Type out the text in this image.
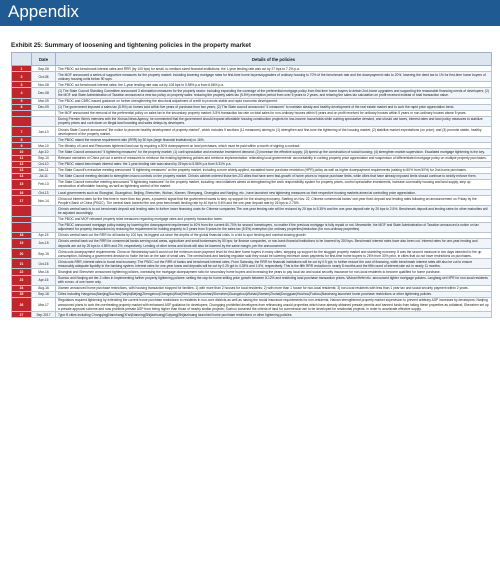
Appendix
Exhibit 25: Summary of loosening and tightening policies in the property market
	Date	Details of the policies
1	Sep-08	The PBOC cut benchmark interest rates and RRR (by 100 bps) for small- to medium-sized financial institutions: the 1-year lending rate was cut by 27 bps to 7.2% p.a.
2	Oct-08	The MOF announced a series of supportive measures for the property market: including lowering mortgage rates for first-time home buyers/upgraders of ordinary housing to 70% of the benchmark rate and the downpayment ratio to 20%; lowering the deed tax to 1% for first-time home buyers of ordinary housing units below 90 sqm.
3	Nov-08	The PBOC cut benchmark interest rates: the 1-year lending rate was cut by 108 bps to 5.58% p.a from 6.66% p.a.
4	Dec-08	(1) The State Council Standing Committee announced 3 stimulation measures for the property sector: including expanding the coverage of the preferential mortgage policy from first-time home buyers to detain 2nd-home upgraders and supporting the reasonable financing needs of developers; (2) the MOF and State Administration of Taxation announced a new tax policy on property sales: reducing the property sales tax (5.5%) exemption period from over 5 years to 2 years, and relaxing the sales tax calculation on profit received instead of total transaction value.
5	Mar-09	The PBOC and CBRC issued guidance on further strengthening the structural adjustment of credit to promote stable and rapid economic development.
6	Dec-09	(1) The government imposed a sales tax (5.5%) on homes sold within five years of purchase from two years; (2) The State council announced "4 measures" to maintain steady and healthy development of the real estate market and to curb the rapid price appreciation trend.
		The MOF announced the removal of the preferential policy on sales tax in the secondary property market: 5.5% transaction tax rate on total sales for non-ordinary houses within 5 years and on profit received for ordinary houses within 5 years or non-ordinary houses above 5 years.
		During Premier Wen's interview with the Xinhua News Agency, he commented that the government should expand affordable housing construction projects for low-income households while curbing speculative demand, and should use taxes, interest rates and land policy measures to stabilize property prices and curb down on illegal land hoarding and sales delays by developers.
7	Jan-10	China's State Council announced "the notice to promote healthy development of property market", which includes 5 sections (11 measures) aiming to (1) strengthen and fine-tune the tightening of the housing market; (2) stabilize market expectations (on price); and (3) promote stable, healthy development of the property market.
8		The PBOC raised the reserve requirement ratio (RRR) by 50 bps (large financial institutions) to 16%.
9	Mar-10	The Ministry of Land and Resources tightened land use by requiring a 50% downpayment on land purchases, which must be paid within a month of signing a contract.
10	Apr-10	The State Council announced "4 tightening measures" for the property market: (1) curb speculation and excessive investment demand; (2) increase the effective supply; (3) speed up the construction of social housing; (4) strengthen market supervision. Escalated mortgage tightening is the key.
11	Sep-10	Relevant ministries of China put out a series of measures to reinforce the existing tightening policies and reinforce implementation: reiterating local governments' accountability in curbing property price appreciation and suspension of differentiated mortgage policy on multiple property purchases.
12	Oct-10	The PBOC raised benchmark interest rates: the 1-year lending rate was raised by 25 bps to 5.56% p.a from 5.31% p.a.
13	Jan-11	The State Council's executive meeting announced "8 tightening measures" on the property market, including a more widely-applied, escalated home purchase restriction (HPR) policy as well as higher downpayment requirements (raising to 60% from 50%) for 2nd-home purchases.
14	Jul-11	The State Council meeting decided to strengthen macro controls on the property market. China's cabinet ordered those tier-2/3 cities that have seen fast-growth of home prices to impose purchase limits, while cities that have already imposed limits should continue to strictly enforce them.
15	Feb-13	The State Council executive meeting announced "5 tightening measures" for the property market, including: new initiatives aimed at strengthening the work responsibility system for property prices, control speculative investments, increase commodity housing and land supply, step up construction of affordable housing, as well as tightening control of the market.
16	Oct-13	Local governments such as Shanghai, Guangzhou, Beijing, Shenzhen, Wuhan, Xiamen, Shenyang, Changsha and Nanjing, etc., have launched new tightening measures on their respective housing markets aimed at controlling price appreciation.
17	Nov-14	China cut interest rates for the first time in more than two years, a powerful signal that the government wants to step up support for the slowing economy. Starting on Nov. 22, Chinese commercial banks' one-year fixed deposit and lending rates following an announcement on Friday by the People's Bank of China (PBOC). The central bank lowered the one-year benchmark lending rate by 40 bps to 5.6% and the one-year deposit rate by 25 bps to 2.75%.
		China's central bank is to cut benchmark deposit and lending rates to further lower financing costs for Chinese companies.The one-year lending rate will be reduced by 25 bps to 5.35% and the one-year deposit rate by 25 bps to 2.5%. Benchmark deposit and lending rates for other maturities will be adjusted accordingly.
		The PBOC and MOF released property relax measures regarding mortgage rates and property transaction taxes.
		The PBOC announced mortgage policy easing by lowering the downpayment requirement to 40% from the current 60-70% for second homebuyers, no matter if the previous mortgage is fully repaid or not. Meanwhile, the MOF and State Administration of Taxation announced a notice on tax adjustment for property transactions by reducing the requirement for holding property to 2 years from 5 years for the sales tax (5.5%) exemption (for ordinary properties)/reduction (for non-ordinary properties).
18	Apr-15	China's central bank cut the RRR for all banks by 100 bps, its biggest cut since the depths of the global financial crisis, in a bid to spur lending and combat slowing growth.
19	Jun-15	China's central bank cut the RRR for commercial banks serving rural areas, agriculture and small businesses by 50 bps; for finance companies, or non-bank financial institutions to be lowered by 300 bps. Benchmark interest rates have also been cut. Interest rates for one-year lending and deposits are cut by 25 bps to 4.85% and 2%, respectively. Lending of other terms and kinds will also be lowered by the same margin, per the announcement.
20	Sep-15	China cuts downpayment requirements: China on Wednesday said it would cut the minimum down payment level for first-time home buyers in many cities, stepping up support for the sluggish property market and stumbling economy. It was the second measure in two days intended to fire up consumption, following a government decision to halve the tax on the sale of small cars. The central bank and banking regulator said they would be lowering minimum down payments for first-time home buyers to 25% from 30% prior, in cities that do not have restrictions on purchases.
21	Oct-15	China cuts RRR, interest rates to boost real economy: The PBOC cut the RRR of banks and benchmark interest rates. From Saturday, the RRR for financial institutions will be cut by 0.5 ppt, to further reduce the cost of financing, while benchmark interest rates will also be cut to ensure reasonably adequate liquidity in the banking system. Interest rates for one-year loans and deposits will be cut by 0.25 ppt to 4.35% and 1.5%, respectively. This is the fifth RRR reduction in nearly 8 months and the fifth round of interest rate cut in nearly 11 months.
22	Mar-16	Shanghai and Shenzhen announced tightening policies, increasing the mortgage downpayment ratio for secondary home buyers and increasing the years to pay local tax and social security insurance for non-local residents to become qualified for home purchase.
23	Apr-16	Suzhou and Nanjing set tier-2 cities in implementing further property tightening policies: setting the cap for home selling price growth between 8-12% and restricting land purchase transaction prices. Wuhan/Hefei etc. announced tighter mortgage policies. Langfang set HPR for non-local residents with a max. of one home only.
24	Aug-16	Xiamen announced home purchase restrictions, with housing transaction stopped for families: 1) with more than 2 houses for local residents; 2) with more than 1 house for non-local residents; 3) non-local residents with less than 1 year tax and social security payment within 2 years.
25	Sep-16	Cities including Hangzhou|Nanjing|Suzhou|Tianjin|Beijing|Zhengzhou|Chengdu|Wuxi|Hefei|Jinan|Kunshan|Shenzhen|Guangzhou|Wuhan|Xiamen|Zhuhai|Dongguan|Huizhou|Fuzhou|Nanchang launched home purchase restrictions or other tightening policies.
26	Mar-17	Regulators required tightening by extending the current home purchase restrictions to residents in non-core districts as well as raising the social insurance requirements for non-residents; Hainan strengthened property market supervision to prevent arbitrary ASP increases by developers; Nanjing announced plans to curb the overheating property market with enhanced ASP guidance for developers; Chongqing prohibited developers from refinancing unsold properties which have already obtained presale permits and banned funds from taking these properties as collateral; Shenzhen set up a presale approval scheme and now prohibits presale ASP from being higher than those of nearby similar projects; Suzhou loosened the criteria of land for commercial use to be developed for residential projects, in order to accelerate effective supply.
27	Sep 2017	Type B cities including Chongqing|Nanchang|Xi'an|Nanning|Shijiazhuang|Guiyang|Shijiazhuang launched home purchase restrictions or other tightening policies.
